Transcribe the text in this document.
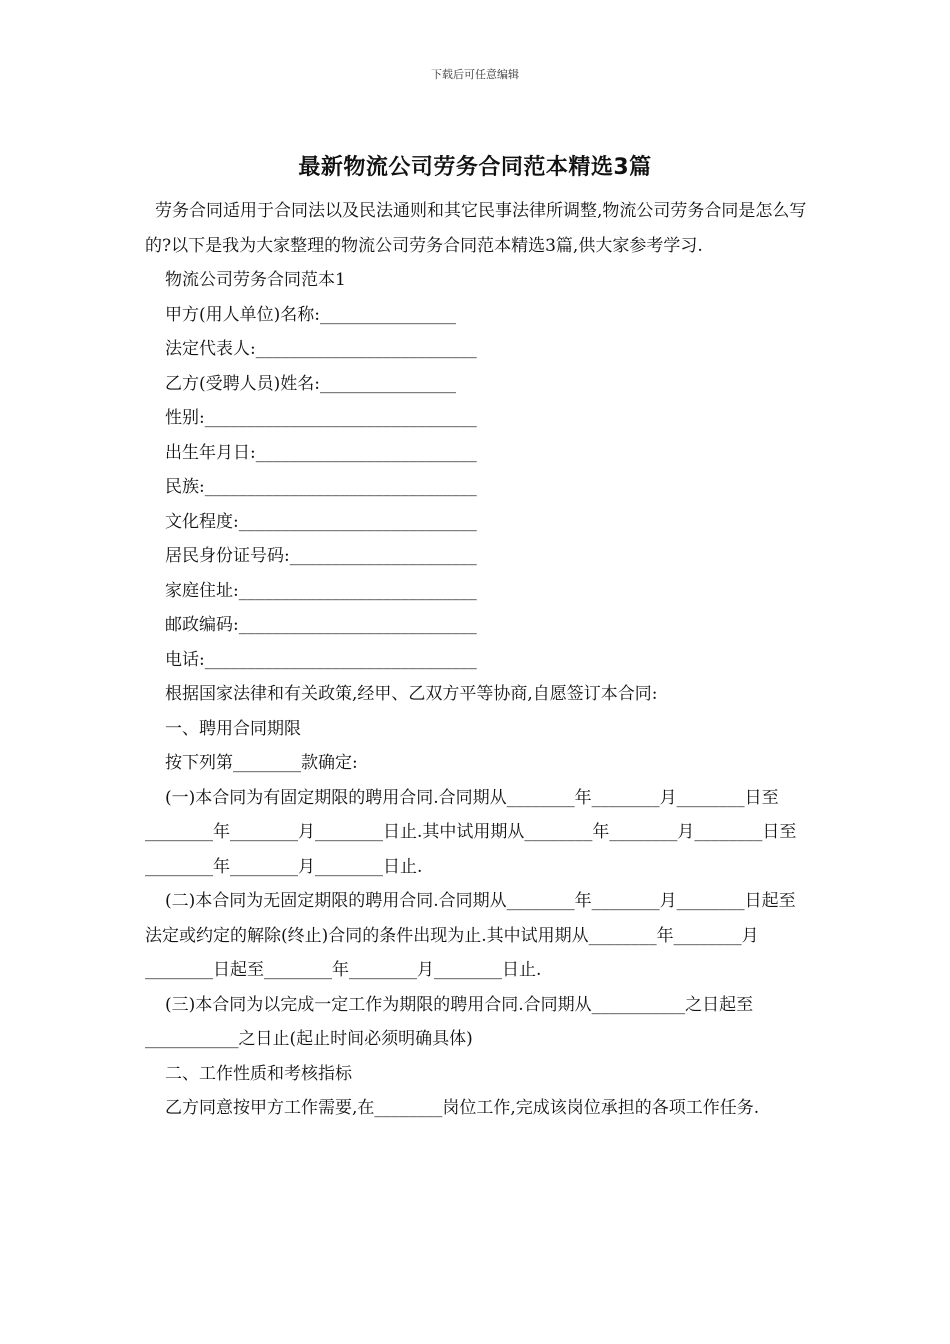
下载后可任意编辑
最新物流公司劳务合同范本精选3篇

劳务合同适用于合同法以及民法通则和其它民事法律所调整,物流公司劳务合同是怎么写的?以下是我为大家整理的物流公司劳务合同范本精选3篇,供大家参考学习.

物流公司劳务合同范本1

甲方(用人单位)名称:________________

法定代表人:__________________________

乙方(受聘人员)姓名:________________

性别:________________________________

出生年月日:__________________________

民族:________________________________

文化程度:____________________________

居民身份证号码:______________________

家庭住址:____________________________

邮政编码:____________________________

电话:________________________________

根据国家法律和有关政策,经甲、乙双方平等协商,自愿签订本合同:

一、聘用合同期限

按下列第________款确定:

(一)本合同为有固定期限的聘用合同.合同期从________年________月________日至________年________月________日止.其中试用期从________年________月________日至________年________月________日止.

(二)本合同为无固定期限的聘用合同.合同期从________年________月________日起至法定或约定的解除(终止)合同的条件出现为止.其中试用期从________年________月________日起至________年________月________日止.

(三)本合同为以完成一定工作为期限的聘用合同.合同期从___________之日起至___________之日止(起止时间必须明确具体)

二、工作性质和考核指标

乙方同意按甲方工作需要,在________岗位工作,完成该岗位承担的各项工作任务.
